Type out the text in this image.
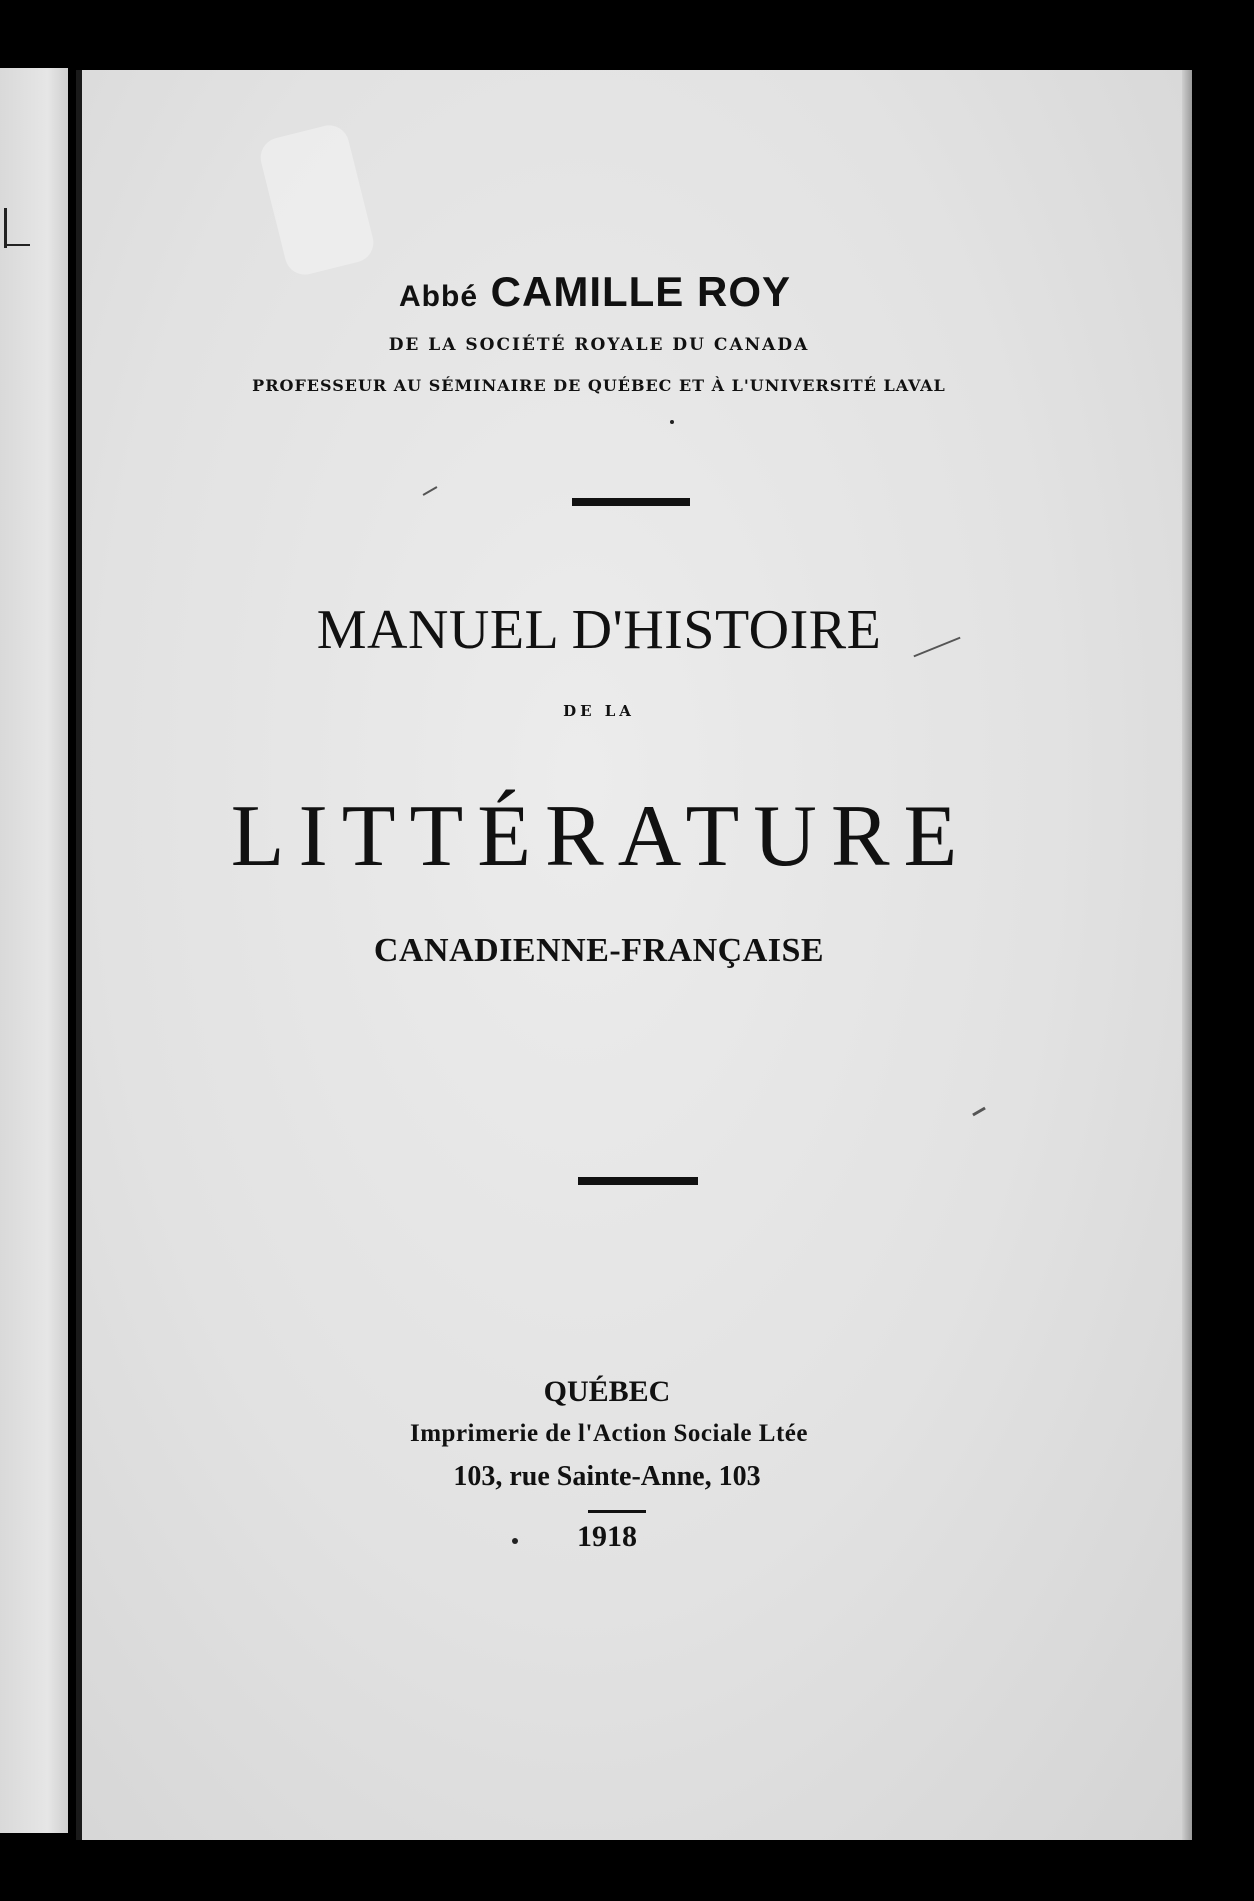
Abbé CAMILLE ROY
DE LA SOCIÉTÉ ROYALE DU CANADA
PROFESSEUR AU SÉMINAIRE DE QUÉBEC ET À L'UNIVERSITÉ LAVAL
MANUEL D'HISTOIRE
DE LA
LITTÉRATURE
CANADIENNE-FRANÇAISE
QUÉBEC
Imprimerie de l'Action Sociale Ltée
103, rue Sainte-Anne, 103
1918
